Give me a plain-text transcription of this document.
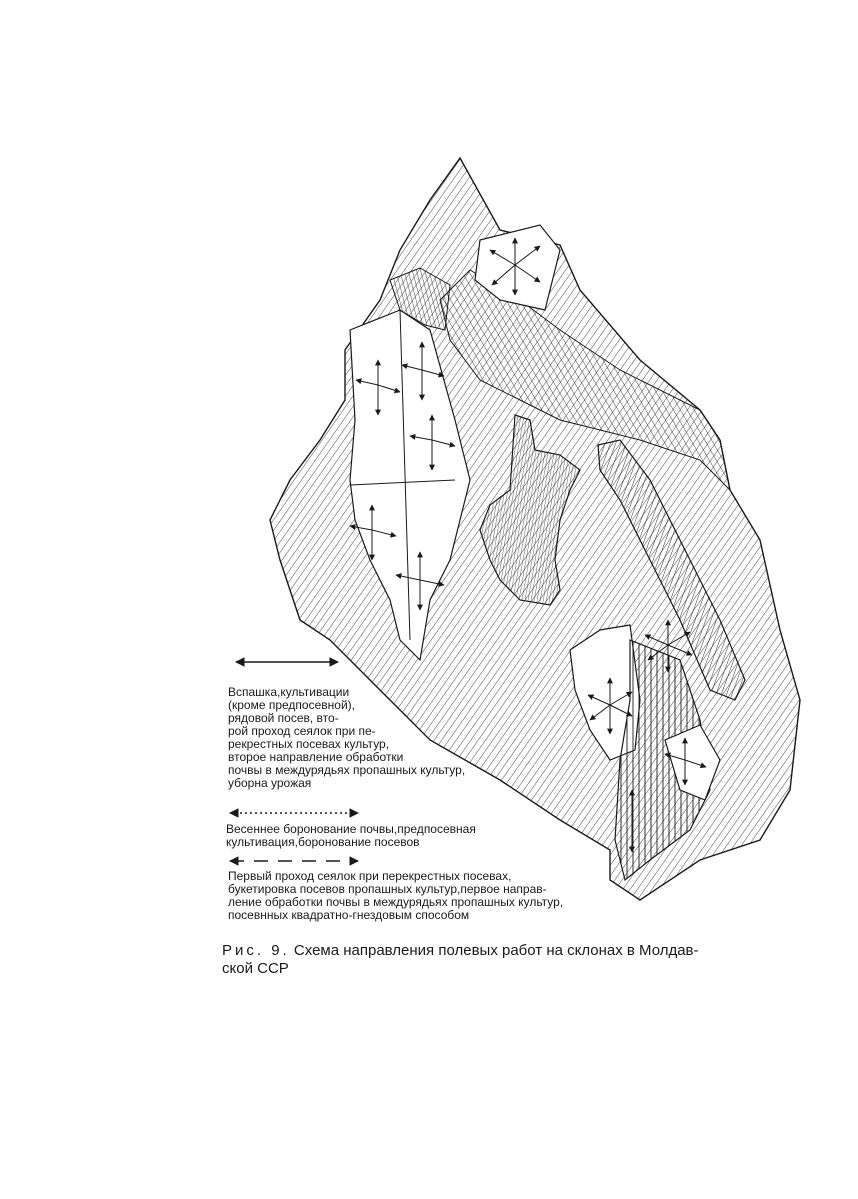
Вспашка,культивации
(кроме предпосевной),
рядовой посев, вто-
рой проход сеялок при пе-
рекрестных посевах культур,
второе направление обработки
почвы в междурядьях пропашных культур,
уборна урожая
Весеннее боронование почвы,предпосевная
культивация,боронование посевов
Первый проход сеялок при перекрестных посевах,
букетировка посевов пропашных культур,первое направ-
ление обработки почвы в междурядьях пропашных культур,
посевнных квадратно-гнездовым способом
Рис. 9. Схема направления полевых работ на склонах в Молдав-
ской ССР
